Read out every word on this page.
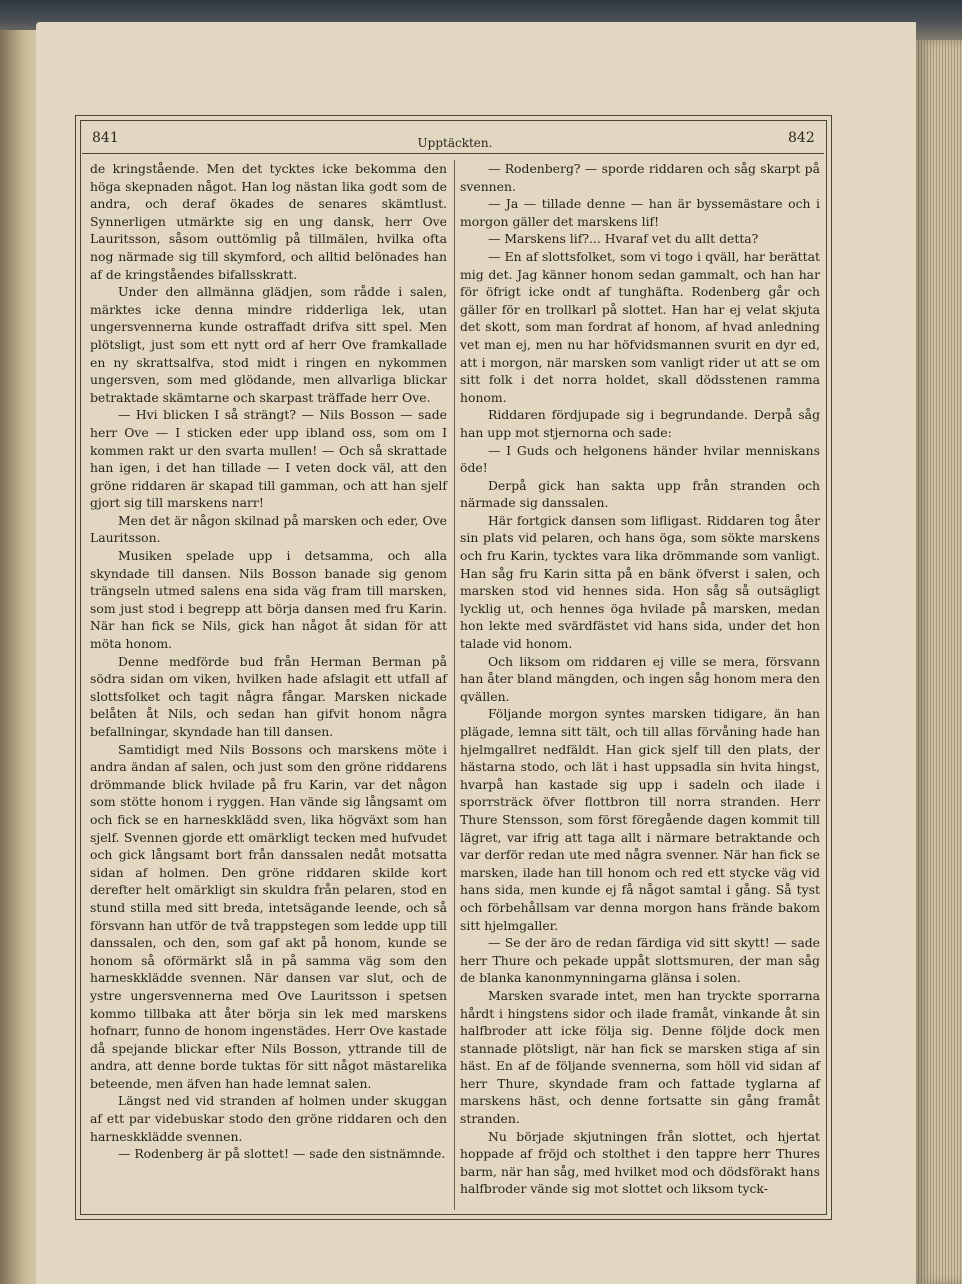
841	Upptäckten.	842

de kringstående. Men det tycktes icke bekomma den höga skepnaden något. Han log nästan lika godt som de andra, och deraf ökades de senares skämtlust. Synnerligen utmärkte sig en ung dansk, herr Ove Lauritsson, såsom outtömlig på tillmälen, hvilka ofta nog närmade sig till skymford, och alltid belönades han af de kringståendes bifallsskratt.

Under den allmänna glädjen, som rådde i salen, märktes icke denna mindre ridderliga lek, utan ungersvennerna kunde ostraffadt drifva sitt spel. Men plötsligt, just som ett nytt ord af herr Ove framkallade en ny skrattsalfva, stod midt i ringen en nykommen ungersven, som med glödande, men allvarliga blickar betraktade skämtarne och skarpast träffade herr Ove.

— Hvi blicken I så strängt? — Nils Bosson — sade herr Ove — I sticken eder upp ibland oss, som om I kommen rakt ur den svarta mullen! — Och så skrattade han igen, i det han tillade — I veten dock väl, att den gröne riddaren är skapad till gamman, och att han sjelf gjort sig till marskens narr!

Men det är någon skilnad på marsken och eder, Ove Lauritsson.

Musiken spelade upp i detsamma, och alla skyndade till dansen. Nils Bosson banade sig genom trängseln utmed salens ena sida väg fram till marsken, som just stod i begrepp att börja dansen med fru Karin. När han fick se Nils, gick han något åt sidan för att möta honom.

Denne medförde bud från Herman Berman på södra sidan om viken, hvilken hade afslagit ett utfall af slottsfolket och tagit några fångar. Marsken nickade belåten åt Nils, och sedan han gifvit honom några befallningar, skyndade han till dansen.

Samtidigt med Nils Bossons och marskens möte i andra ändan af salen, och just som den gröne riddarens drömmande blick hvilade på fru Karin, var det någon som stötte honom i ryggen. Han vände sig långsamt om och fick se en harneskklädd sven, lika högväxt som han sjelf. Svennen gjorde ett omärkligt tecken med hufvudet och gick långsamt bort från danssalen nedåt motsatta sidan af holmen. Den gröne riddaren skilde kort derefter helt omärkligt sin skuldra från pelaren, stod en stund stilla med sitt breda, intetsägande leende, och så försvann han utför de två trappstegen som ledde upp till danssalen, och den, som gaf akt på honom, kunde se honom så oförmärkt slå in på samma väg som den harneskklädde svennen. När dansen var slut, och de ystre ungersvennerna med Ove Lauritsson i spetsen kommo tillbaka att åter börja sin lek med marskens hofnarr, funno de honom ingenstädes. Herr Ove kastade då spejande blickar efter Nils Bosson, yttrande till de andra, att denne borde tuktas för sitt något mästarelika beteende, men äfven han hade lemnat salen.

Längst ned vid stranden af holmen under skuggan af ett par videbuskar stodo den gröne riddaren och den harneskklädde svennen.

— Rodenberg är på slottet! — sade den sistnämnde.

— Rodenberg? — sporde riddaren och såg skarpt på svennen.

— Ja — tillade denne — han är byssemästare och i morgon gäller det marskens lif!

— Marskens lif?... Hvaraf vet du allt detta?

— En af slottsfolket, som vi togo i qväll, har berättat mig det. Jag känner honom sedan gammalt, och han har för öfrigt icke ondt af tunghäfta. Rodenberg går och gäller för en trollkarl på slottet. Han har ej velat skjuta det skott, som man fordrat af honom, af hvad anledning vet man ej, men nu har höfvidsmannen svurit en dyr ed, att i morgon, när marsken som vanligt rider ut att se om sitt folk i det norra holdet, skall dödsstenen ramma honom.

Riddaren fördjupade sig i begrundande. Derpå såg han upp mot stjernorna och sade:

— I Guds och helgonens händer hvilar menniskans öde!

Derpå gick han sakta upp från stranden och närmade sig danssalen.

Här fortgick dansen som lifligast. Riddaren tog åter sin plats vid pelaren, och hans öga, som sökte marskens och fru Karin, tycktes vara lika drömmande som vanligt. Han såg fru Karin sitta på en bänk öfverst i salen, och marsken stod vid hennes sida. Hon såg så outsägligt lycklig ut, och hennes öga hvilade på marsken, medan hon lekte med svärdfästet vid hans sida, under det hon talade vid honom.

Och liksom om riddaren ej ville se mera, försvann han åter bland mängden, och ingen såg honom mera den qvällen.

Följande morgon syntes marsken tidigare, än han plägade, lemna sitt tält, och till allas förvåning hade han hjelmgallret nedfäldt. Han gick sjelf till den plats, der hästarna stodo, och lät i hast uppsadla sin hvita hingst, hvarpå han kastade sig upp i sadeln och ilade i sporrsträck öfver flottbron till norra stranden. Herr Thure Stensson, som först föregående dagen kommit till lägret, var ifrig att taga allt i närmare betraktande och var derför redan ute med några svenner. När han fick se marsken, ilade han till honom och red ett stycke väg vid hans sida, men kunde ej få något samtal i gång. Så tyst och förbehållsam var denna morgon hans frände bakom sitt hjelmgaller.

— Se der äro de redan färdiga vid sitt skytt! — sade herr Thure och pekade uppåt slottsmuren, der man såg de blanka kanonmynningarna glänsa i solen.

Marsken svarade intet, men han tryckte sporrarna hårdt i hingstens sidor och ilade framåt, vinkande åt sin halfbroder att icke följa sig. Denne följde dock men stannade plötsligt, när han fick se marsken stiga af sin häst. En af de följande svennerna, som höll vid sidan af herr Thure, skyndade fram och fattade tyglarna af marskens häst, och denne fortsatte sin gång framåt stranden.

Nu började skjutningen från slottet, och hjertat hoppade af fröjd och stolthet i den tappre herr Thures barm, när han såg, med hvilket mod och dödsförakt hans halfbroder vände sig mot slottet och liksom tyck-
